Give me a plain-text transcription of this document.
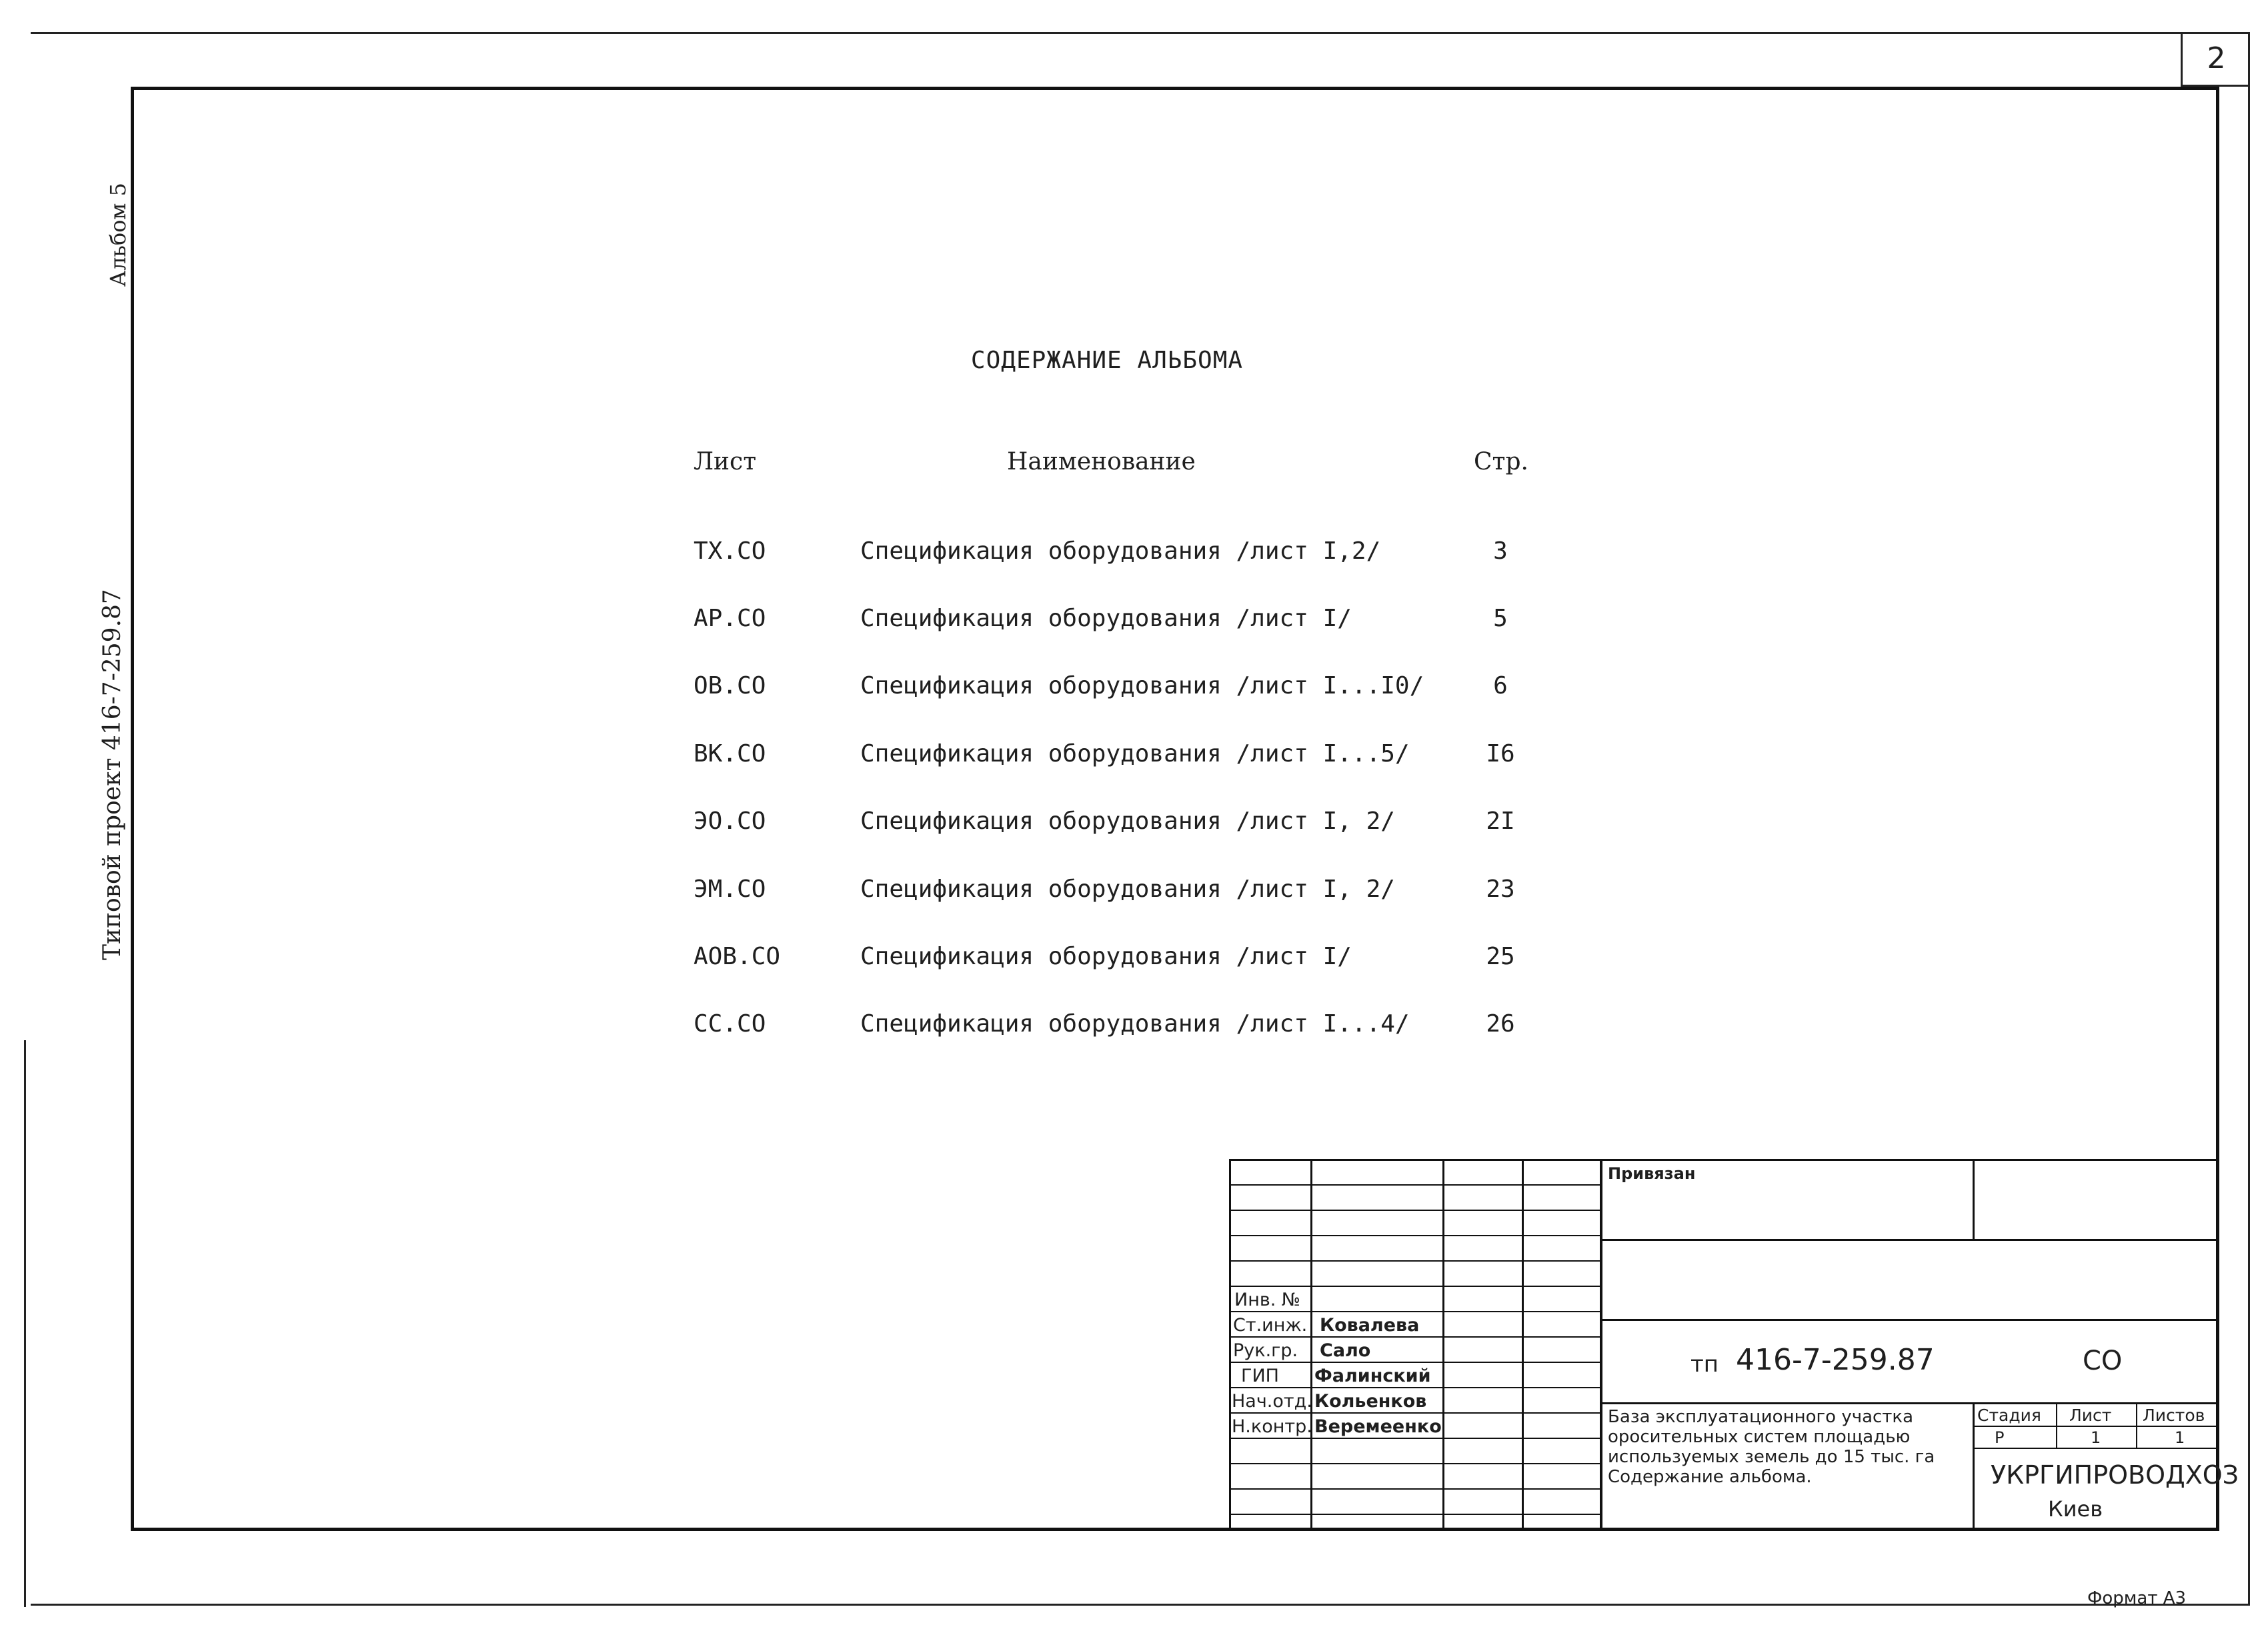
2
Альбом 5
Типовой проект 416-7-259.87
СОДЕРЖАНИЕ АЛЬБОМА
Лист	Наименование	Стр.
ТХ.СО	Спецификация оборудования /лист I,2/	3
АР.СО	Спецификация оборудования /лист I/	5
ОВ.СО	Спецификация оборудования /лист I...I0/	6
ВК.СО	Спецификация оборудования /лист I...5/	I6
ЭО.СО	Спецификация оборудования /лист I, 2/	2I
ЭМ.СО	Спецификация оборудования /лист I, 2/	23
АОВ.СО	Спецификация оборудования /лист I/	25
СС.СО	Спецификация оборудования /лист I...4/	26
Привязан
Инв. №
Ст.инж. Ковалева
Рук.гр. Сало
ГИП Фалинский
Нач.отд. Кольенков
Н.контр. Веремеенко
тп 416-7-259.87	СО
База эксплуатационного участка
оросительных систем площадью
используемых земель до 15 тыс. га
Содержание альбома.
Стадия Лист Листов
Р	1	1
УКРГИПРОВОДХОЗ
Киев
Формат А3
